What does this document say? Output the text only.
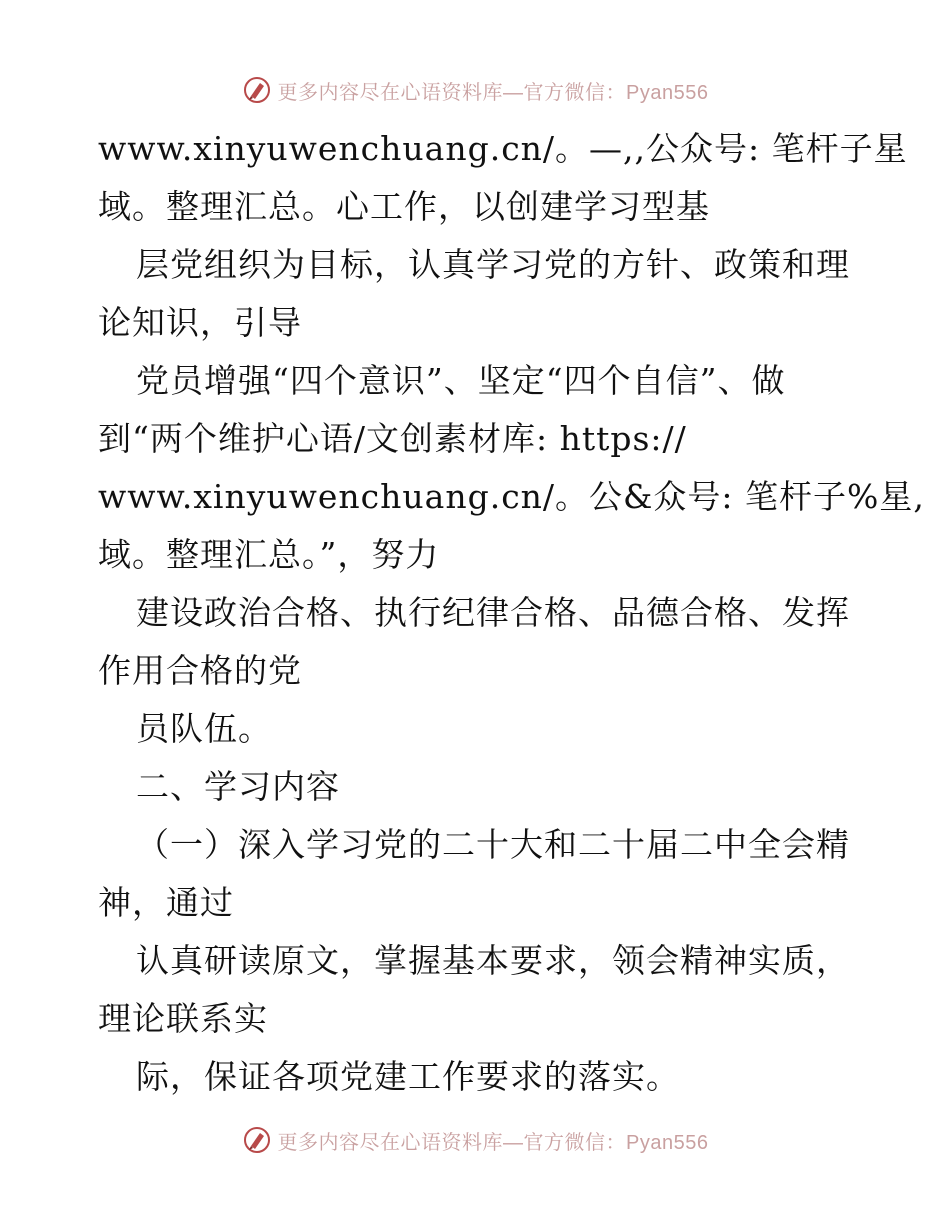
更多内容尽在心语资料库—官方微信：Pyan556
www.xinyuwenchuang.cn/。—,,公众号: 笔杆子星
域。整理汇总。心工作，以创建学习型基
层党组织为目标，认真学习党的方针、政策和理
论知识，引导
党员增强“四个意识”、坚定“四个自信”、做
到“两个维护心语/文创素材库: https://
www.xinyuwenchuang.cn/。公&众号: 笔杆子%星,
域。整理汇总。”，努力
建设政治合格、执行纪律合格、品德合格、发挥
作用合格的党
员队伍。
二、学习内容
（一）深入学习党的二十大和二十届二中全会精
神，通过
认真研读原文，掌握基本要求，领会精神实质，
理论联系实
际，保证各项党建工作要求的落实。
更多内容尽在心语资料库—官方微信：Pyan556
